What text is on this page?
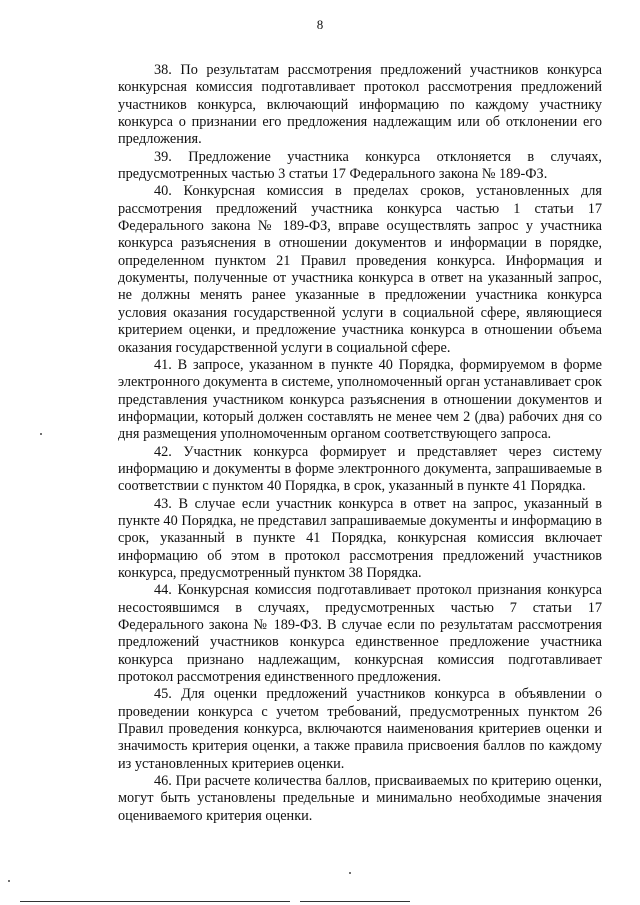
8

38. По результатам рассмотрения предложений участников конкурса конкурсная комиссия подготавливает протокол рассмотрения предложений участников конкурса, включающий информацию по каждому участнику конкурса о признании его предложения надлежащим или об отклонении его предложения.

39. Предложение участника конкурса отклоняется в случаях, предусмотренных частью 3 статьи 17 Федерального закона № 189-ФЗ.

40. Конкурсная комиссия в пределах сроков, установленных для рассмотрения предложений участника конкурса частью 1 статьи 17 Федерального закона № 189-ФЗ, вправе осуществлять запрос у участника конкурса разъяснения в отношении документов и информации в порядке, определенном пунктом 21 Правил проведения конкурса. Информация и документы, полученные от участника конкурса в ответ на указанный запрос, не должны менять ранее указанные в предложении участника конкурса условия оказания государственной услуги в социальной сфере, являющиеся критерием оценки, и предложение участника конкурса в отношении объема оказания государственной услуги в социальной сфере.

41. В запросе, указанном в пункте 40 Порядка, формируемом в форме электронного документа в системе, уполномоченный орган устанавливает срок представления участником конкурса разъяснения в отношении документов и информации, который должен составлять не менее чем 2 (два) рабочих дня со дня размещения уполномоченным органом соответствующего запроса.

42. Участник конкурса формирует и представляет через систему информацию и документы в форме электронного документа, запрашиваемые в соответствии с пунктом 40 Порядка, в срок, указанный в пункте 41 Порядка.

43. В случае если участник конкурса в ответ на запрос, указанный в пункте 40 Порядка, не представил запрашиваемые документы и информацию в срок, указанный в пункте 41 Порядка, конкурсная комиссия включает информацию об этом в протокол рассмотрения предложений участников конкурса, предусмотренный пунктом 38 Порядка.

44. Конкурсная комиссия подготавливает протокол признания конкурса несостоявшимся в случаях, предусмотренных частью 7 статьи 17 Федерального закона № 189-ФЗ. В случае если по результатам рассмотрения предложений участников конкурса единственное предложение участника конкурса признано надлежащим, конкурсная комиссия подготавливает протокол рассмотрения единственного предложения.

45. Для оценки предложений участников конкурса в объявлении о проведении конкурса с учетом требований, предусмотренных пунктом 26 Правил проведения конкурса, включаются наименования критериев оценки и значимость критерия оценки, а также правила присвоения баллов по каждому из установленных критериев оценки.

46. При расчете количества баллов, присваиваемых по критерию оценки, могут быть установлены предельные и минимально необходимые значения оцениваемого критерия оценки.
